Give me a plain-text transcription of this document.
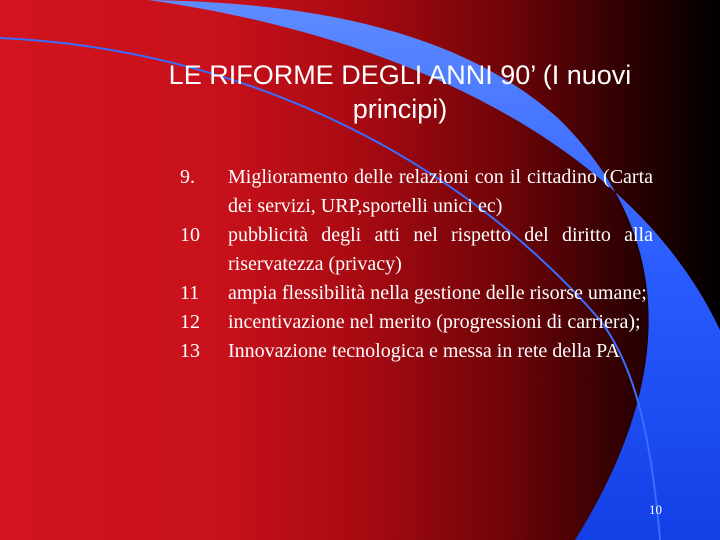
LE RIFORME DEGLI ANNI 90’ (I nuovi principi)
9. Miglioramento delle relazioni con il cittadino (Carta dei servizi, URP,sportelli unici ec)
10 pubblicità degli atti nel rispetto del diritto alla riservatezza (privacy)
11 ampia flessibilità nella gestione delle risorse umane;
12 incentivazione nel merito (progressioni di carriera);
13 Innovazione tecnologica e messa in rete della PA
10
